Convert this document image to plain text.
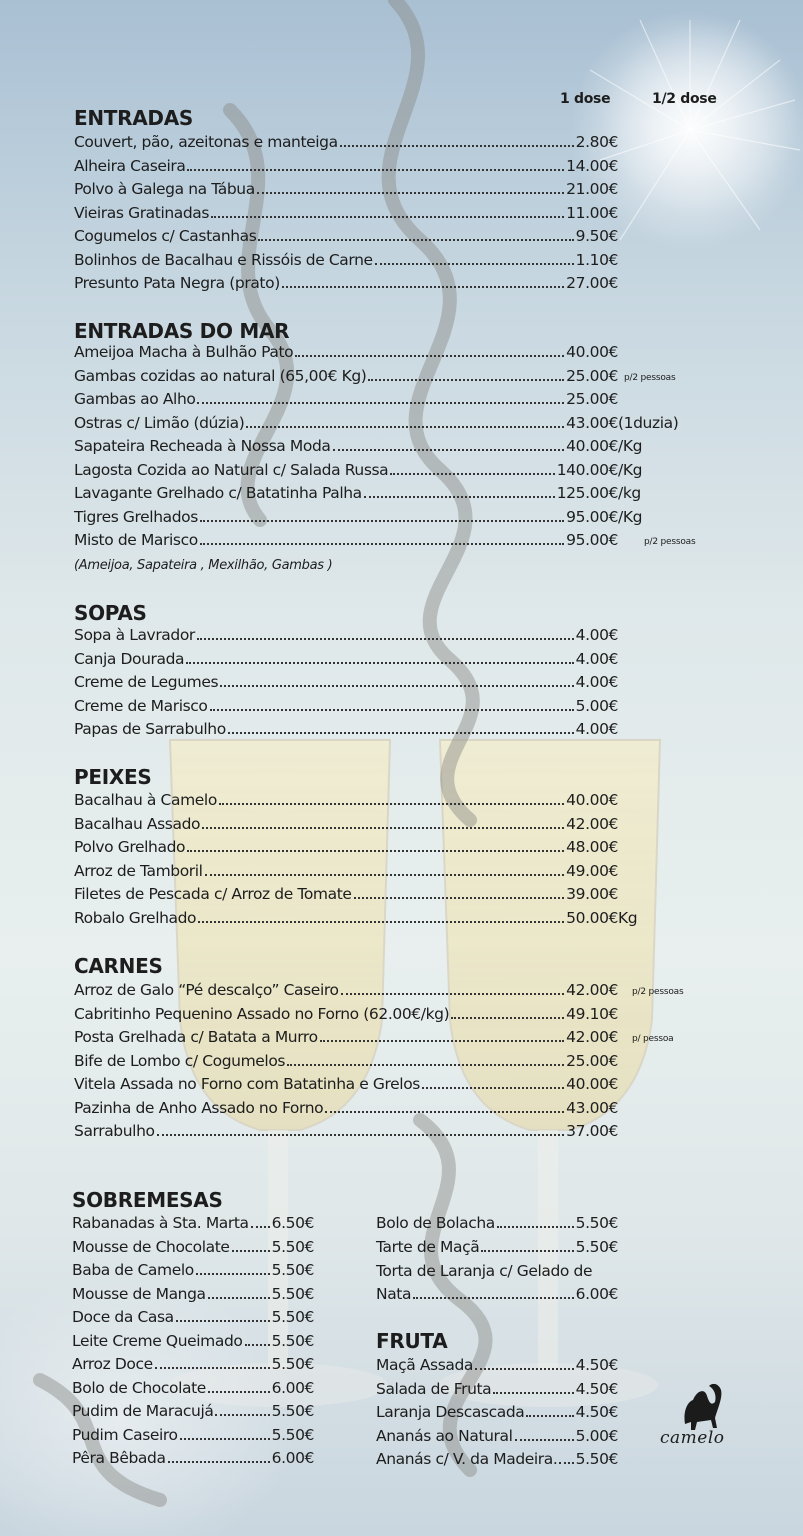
1 dose	1/2 dose
ENTRADAS
Couvert, pão, azeitonas e manteiga	2.80€
Alheira Caseira	14.00€
Polvo à Galega na Tábua	21.00€
Vieiras Gratinadas	11.00€
Cogumelos c/ Castanhas	9.50€
Bolinhos de Bacalhau e Rissóis de Carne	1.10€
Presunto Pata Negra (prato)	27.00€
ENTRADAS DO MAR
Ameijoa Macha à Bulhão Pato	40.00€
Gambas cozidas ao natural (65,00€ Kg)	25.00€ p/2 pessoas
Gambas ao Alho	25.00€
Ostras c/ Limão (dúzia)	43.00€ (1duzia)
Sapateira Recheada à Nossa Moda	40.00€ /Kg
Lagosta Cozida ao Natural c/ Salada Russa	140.00€ /Kg
Lavagante Grelhado c/ Batatinha Palha	125.00€ /kg
Tigres Grelhados	95.00€ /Kg
Misto de Marisco	95.00€	p/2 pessoas
(Ameijoa, Sapateira , Mexilhão, Gambas )
SOPAS
Sopa à Lavrador	4.00€
Canja Dourada	4.00€
Creme de Legumes	4.00€
Creme de Marisco	5.00€
Papas de Sarrabulho	4.00€
PEIXES
Bacalhau à Camelo	40.00€
Bacalhau Assado	42.00€
Polvo Grelhado	48.00€
Arroz de Tamboril	49.00€
Filetes de Pescada c/ Arroz de Tomate	39.00€
Robalo Grelhado	50.00€ Kg
CARNES
Arroz de Galo “Pé descalço” Caseiro	42.00€ p/2 pessoas
Cabritinho Pequenino Assado no Forno (62.00€/kg)	49.10€
Posta Grelhada c/ Batata a Murro	42.00€ p/ pessoa
Bife de Lombo c/ Cogumelos	25.00€
Vitela Assada no Forno com Batatinha e Grelos	40.00€
Pazinha de Anho Assado no Forno	43.00€
Sarrabulho	37.00€
SOBREMESAS
Rabanadas à Sta. Marta 6.50€
Mousse de Chocolate	5.50€
Baba de Camelo	5.50€
Mousse de Manga	5.50€
Doce da Casa	5.50€
Leite Creme Queimado 5.50€
Arroz Doce	5.50€
Bolo de Chocolate	6.00€
Pudim de Maracujá	5.50€
Pudim Caseiro	5.50€
Pêra Bêbada	6.00€
Bolo de Bolacha	5.50€
Tarte de Maçã	5.50€
Torta de Laranja c/ Gelado de
Nata	6.00€
FRUTA
Maçã Assada	4.50€
Salada de Fruta	4.50€
Laranja Descascada	4.50€
Ananás ao Natural	5.00€
Ananás c/ V. da Madeira. 5.50€
camelo
